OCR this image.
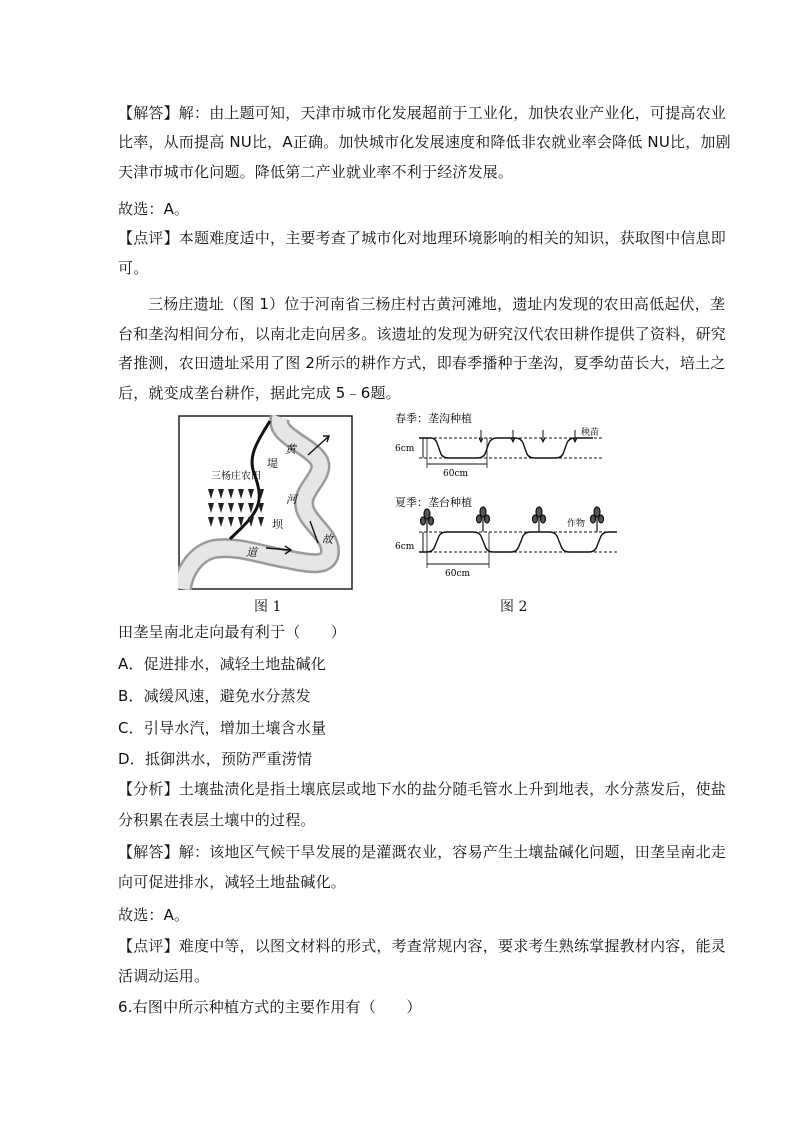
【解答】解：由上题可知，天津市城市化发展超前于工业化，加快农业产业化，可提高农业
比率，从而提高 NU比，A正确。加快城市化发展速度和降低非农就业率会降低 NU比，加剧
天津市城市化问题。降低第二产业就业率不利于经济发展。
故选：A。
【点评】本题难度适中，主要考查了城市化对地理环境影响的相关的知识，获取图中信息即
可。
三杨庄遗址（图 1）位于河南省三杨庄村古黄河滩地，遗址内发现的农田高低起伏，垄
台和垄沟相间分布，以南北走向居多。该遗址的发现为研究汉代农田耕作提供了资料，研究
者推测，农田遗址采用了图 2所示的耕作方式，即春季播种于垄沟，夏季幼苗长大，培土之
后，就变成垄台耕作，据此完成 5﹣6题。
三杨庄农田
黄
河
故
道
堤
坝
图 1
春季：垄沟种植
6cm
60cm
秧苗
夏季：垄台种植
6cm
60cm
作物
图 2
田垄呈南北走向最有利于（　　）
A．促进排水，减轻土地盐碱化
B．减缓风速，避免水分蒸发
C．引导水汽，增加土壤含水量
D．抵御洪水，预防严重涝情
【分析】土壤盐渍化是指土壤底层或地下水的盐分随毛管水上升到地表，水分蒸发后，使盐
分积累在表层土壤中的过程。
【解答】解：该地区气候干旱发展的是灌溉农业，容易产生土壤盐碱化问题，田垄呈南北走
向可促进排水，减轻土地盐碱化。
故选：A。
【点评】难度中等，以图文材料的形式，考查常规内容，要求考生熟练掌握教材内容，能灵
活调动运用。
6.右图中所示种植方式的主要作用有（　　）
